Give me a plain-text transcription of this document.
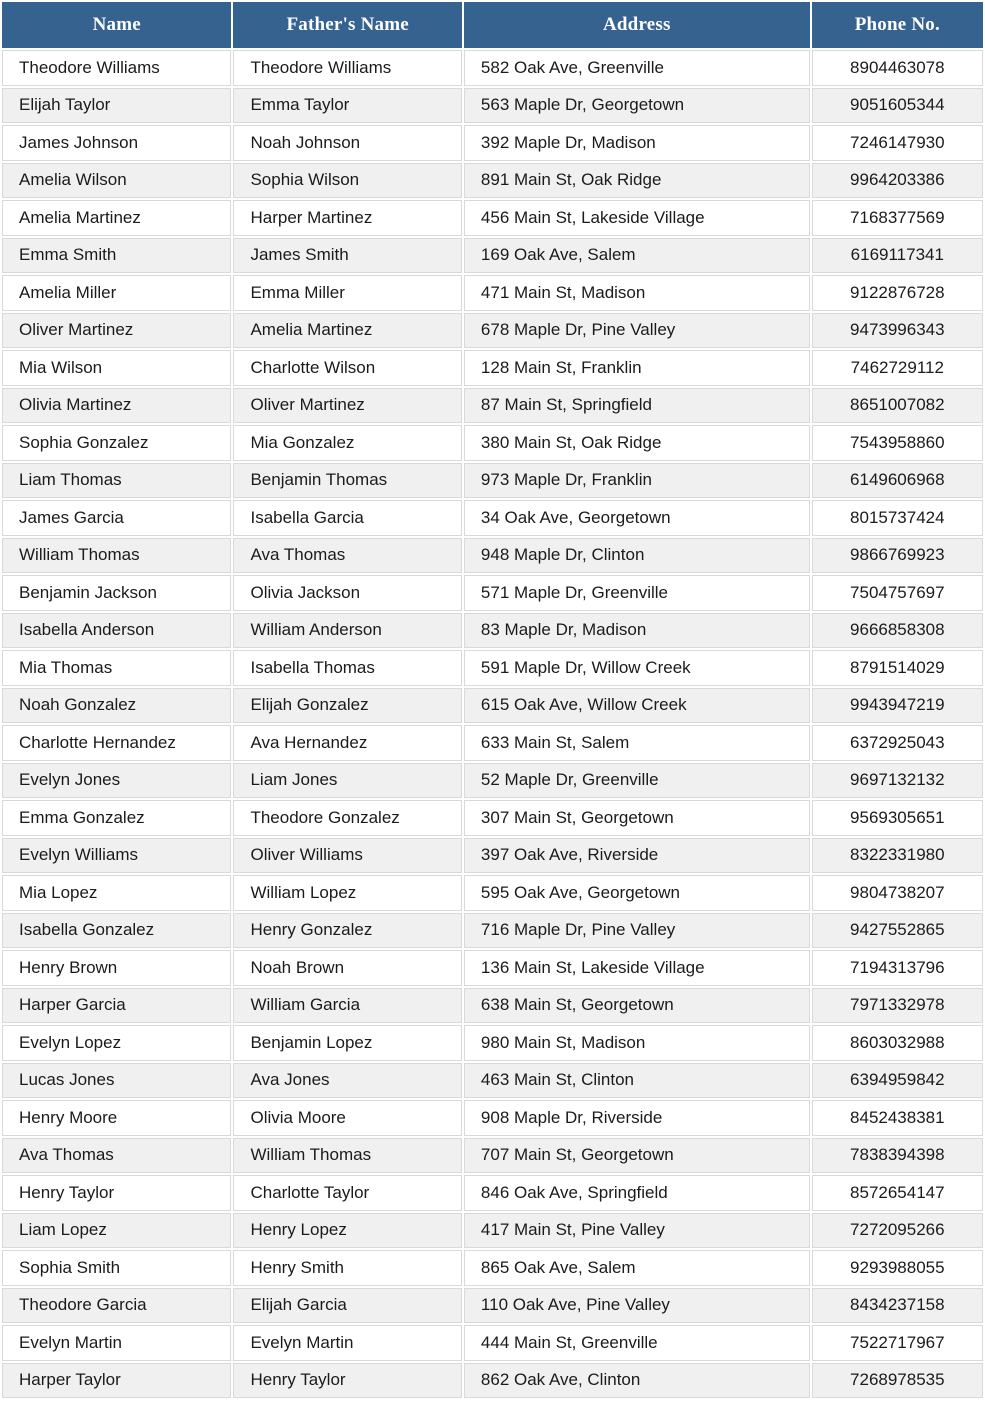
Name	Father's Name	Address	Phone No.
Theodore Williams	Theodore Williams	582 Oak Ave, Greenville	8904463078
Elijah Taylor	Emma Taylor	563 Maple Dr, Georgetown	9051605344
James Johnson	Noah Johnson	392 Maple Dr, Madison	7246147930
Amelia Wilson	Sophia Wilson	891 Main St, Oak Ridge	9964203386
Amelia Martinez	Harper Martinez	456 Main St, Lakeside Village	7168377569
Emma Smith	James Smith	169 Oak Ave, Salem	6169117341
Amelia Miller	Emma Miller	471 Main St, Madison	9122876728
Oliver Martinez	Amelia Martinez	678 Maple Dr, Pine Valley	9473996343
Mia Wilson	Charlotte Wilson	128 Main St, Franklin	7462729112
Olivia Martinez	Oliver Martinez	87 Main St, Springfield	8651007082
Sophia Gonzalez	Mia Gonzalez	380 Main St, Oak Ridge	7543958860
Liam Thomas	Benjamin Thomas	973 Maple Dr, Franklin	6149606968
James Garcia	Isabella Garcia	34 Oak Ave, Georgetown	8015737424
William Thomas	Ava Thomas	948 Maple Dr, Clinton	9866769923
Benjamin Jackson	Olivia Jackson	571 Maple Dr, Greenville	7504757697
Isabella Anderson	William Anderson	83 Maple Dr, Madison	9666858308
Mia Thomas	Isabella Thomas	591 Maple Dr, Willow Creek	8791514029
Noah Gonzalez	Elijah Gonzalez	615 Oak Ave, Willow Creek	9943947219
Charlotte Hernandez	Ava Hernandez	633 Main St, Salem	6372925043
Evelyn Jones	Liam Jones	52 Maple Dr, Greenville	9697132132
Emma Gonzalez	Theodore Gonzalez	307 Main St, Georgetown	9569305651
Evelyn Williams	Oliver Williams	397 Oak Ave, Riverside	8322331980
Mia Lopez	William Lopez	595 Oak Ave, Georgetown	9804738207
Isabella Gonzalez	Henry Gonzalez	716 Maple Dr, Pine Valley	9427552865
Henry Brown	Noah Brown	136 Main St, Lakeside Village	7194313796
Harper Garcia	William Garcia	638 Main St, Georgetown	7971332978
Evelyn Lopez	Benjamin Lopez	980 Main St, Madison	8603032988
Lucas Jones	Ava Jones	463 Main St, Clinton	6394959842
Henry Moore	Olivia Moore	908 Maple Dr, Riverside	8452438381
Ava Thomas	William Thomas	707 Main St, Georgetown	7838394398
Henry Taylor	Charlotte Taylor	846 Oak Ave, Springfield	8572654147
Liam Lopez	Henry Lopez	417 Main St, Pine Valley	7272095266
Sophia Smith	Henry Smith	865 Oak Ave, Salem	9293988055
Theodore Garcia	Elijah Garcia	110 Oak Ave, Pine Valley	8434237158
Evelyn Martin	Evelyn Martin	444 Main St, Greenville	7522717967
Harper Taylor	Henry Taylor	862 Oak Ave, Clinton	7268978535
